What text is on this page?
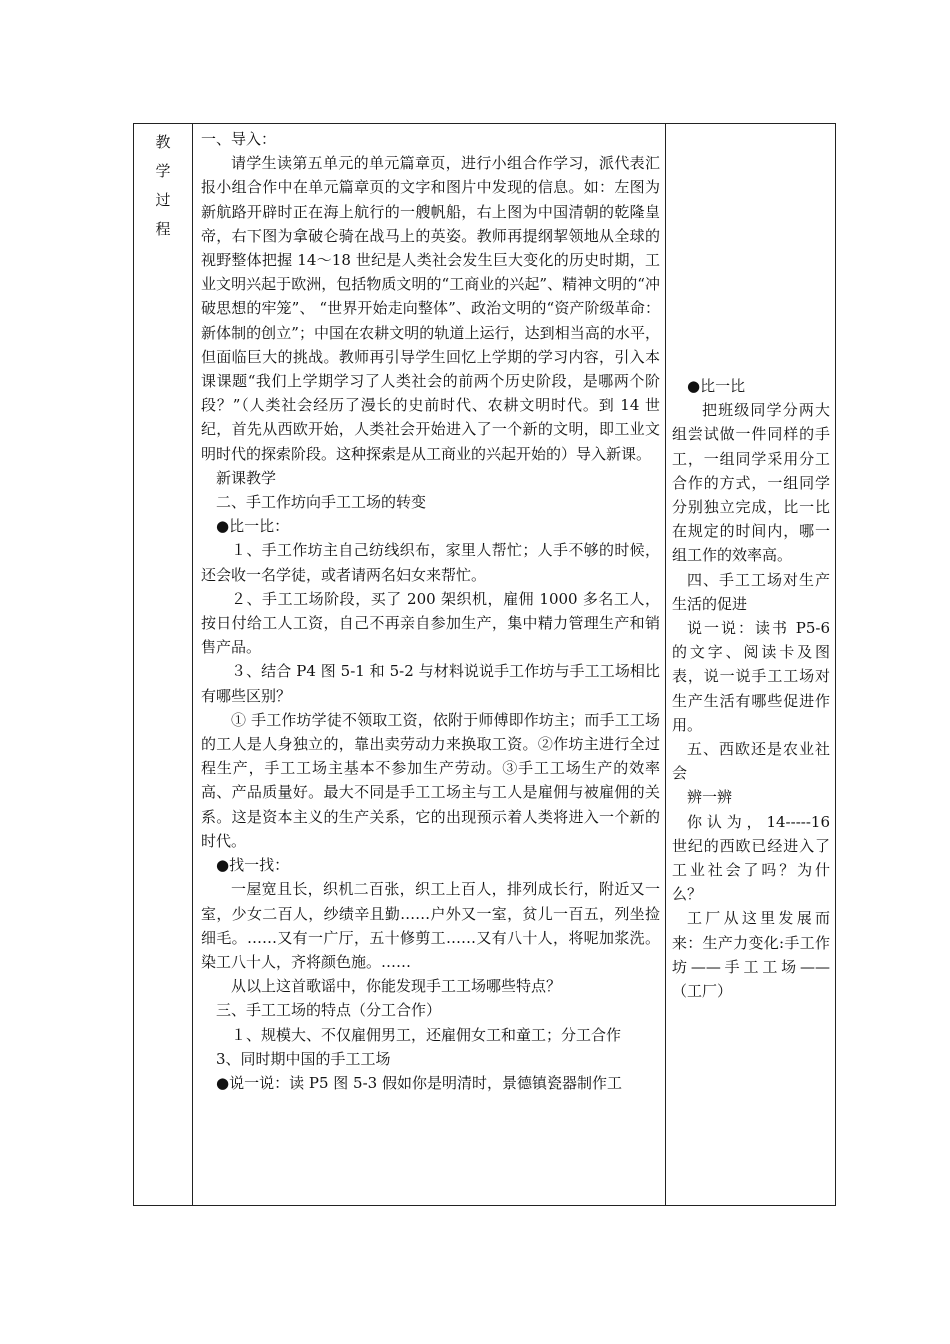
教
学
过
程

一、导入：

请学生读第五单元的单元篇章页，进行小组合作学习，派代表汇报小组合作中在单元篇章页的文字和图片中发现的信息。如：左图为新航路开辟时正在海上航行的一艘帆船，右上图为中国清朝的乾隆皇帝，右下图为拿破仑骑在战马上的英姿。教师再提纲挈领地从全球的视野整体把握 14～18 世纪是人类社会发生巨大变化的历史时期，工业文明兴起于欧洲，包括物质文明的“工商业的兴起”、精神文明的“冲破思想的牢笼”、 “世界开始走向整体”、政治文明的“资产阶级革命：新体制的创立”；中国在农耕文明的轨道上运行，达到相当高的水平，但面临巨大的挑战。教师再引导学生回忆上学期的学习内容，引入本课课题“我们上学期学习了人类社会的前两个历史阶段，是哪两个阶段？”（人类社会经历了漫长的史前时代、农耕文明时代。到 14 世纪，首先从西欧开始，人类社会开始进入了一个新的文明，即工业文明时代的探索阶段。这种探索是从工商业的兴起开始的）导入新课。

新课教学

二、手工作坊向手工工场的转变

●比一比：

１、手工作坊主自己纺线织布，家里人帮忙；人手不够的时候，还会收一名学徒，或者请两名妇女来帮忙。

２、手工工场阶段，买了 200 架织机，雇佣 1000 多名工人，按日付给工人工资，自己不再亲自参加生产，集中精力管理生产和销售产品。

３、结合 P4 图 5-1 和 5-2 与材料说说手工作坊与手工工场相比有哪些区别？

① 手工作坊学徒不领取工资，依附于师傅即作坊主；而手工工场的工人是人身独立的，靠出卖劳动力来换取工资。②作坊主进行全过程生产，手工工场主基本不参加生产劳动。③手工工场生产的效率高、产品质量好。最大不同是手工工场主与工人是雇佣与被雇佣的关系。这是资本主义的生产关系，它的出现预示着人类将进入一个新的时代。

●找一找：

一屋宽且长，织机二百张，织工上百人，排列成长行，附近又一室，少女二百人，纱绩辛且勤……户外又一室，贫儿一百五，列坐捡细毛。……又有一广厅，五十修剪工……又有八十人，将呢加浆洗。染工八十人，齐将颜色施。……

从以上这首歌谣中，你能发现手工工场哪些特点？

三、手工工场的特点（分工合作）

１、规模大、不仅雇佣男工，还雇佣女工和童工；分工合作

3、同时期中国的手工工场

●说一说：读 P5 图 5-3 假如你是明清时，景德镇瓷器制作工

●比一比

把班级同学分两大组尝试做一件同样的手工，一组同学采用分工合作的方式，一组同学分别独立完成，比一比在规定的时间内，哪一组工作的效率高。

四、手工工场对生产生活的促进

说一说：读书 P5-6 的文字、阅读卡及图表，说一说手工工场对生产生活有哪些促进作用。

五、西欧还是农业社会

辨一辨

你认为，14-----16 世纪的西欧已经进入了工业社会了吗？为什么？

工厂从这里发展而来：生产力变化:手工作坊——手工工场——（工厂）
